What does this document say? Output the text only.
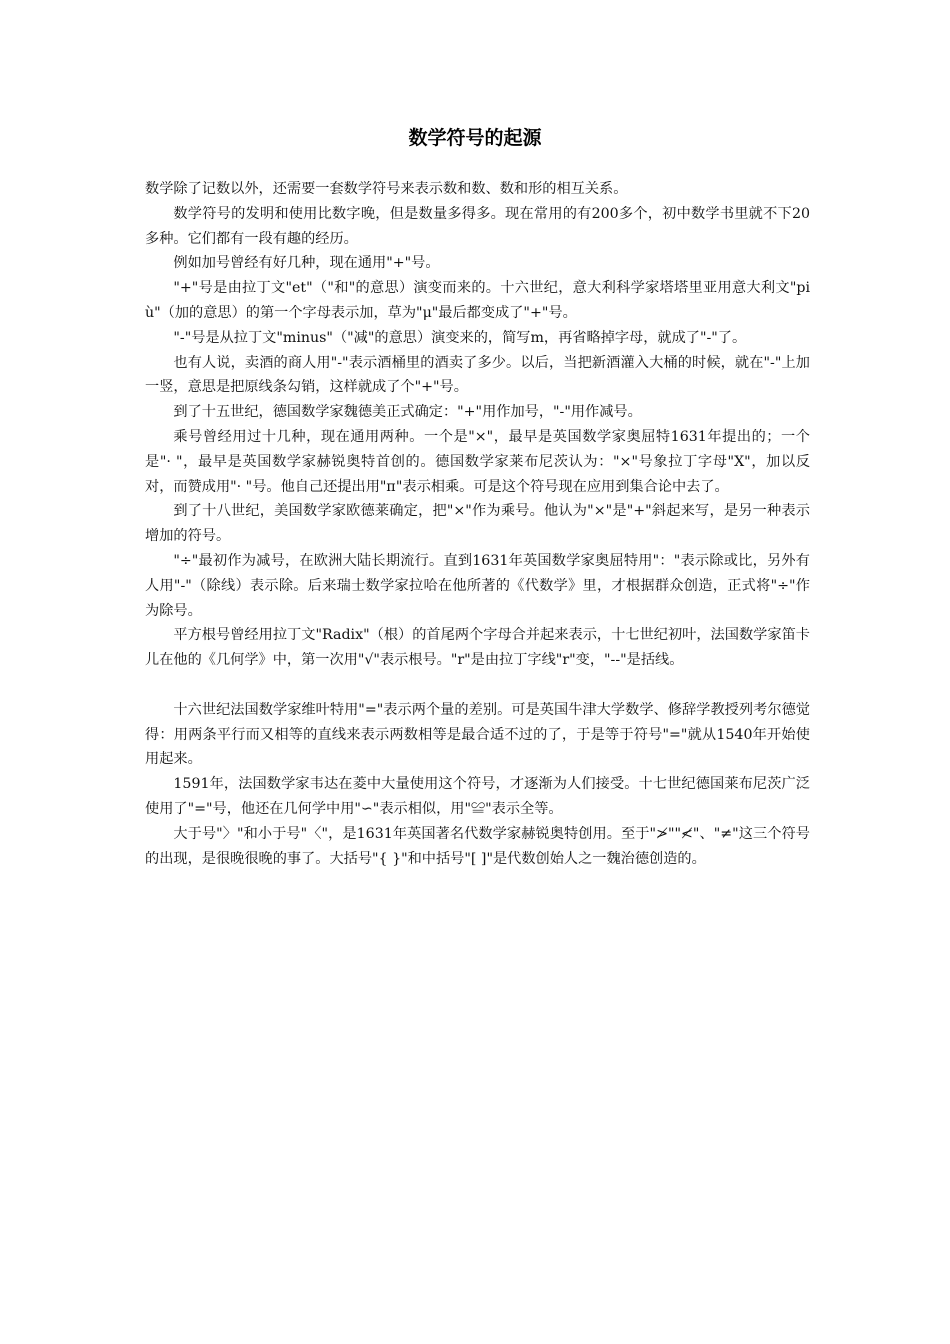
数学符号的起源

数学除了记数以外，还需要一套数学符号来表示数和数、数和形的相互关系。

数学符号的发明和使用比数字晚，但是数量多得多。现在常用的有200多个，初中数学书里就不下20多种。它们都有一段有趣的经历。

例如加号曾经有好几种，现在通用"+"号。

"+"号是由拉丁文"et"（"和"的意思）演变而来的。十六世纪，意大利科学家塔塔里亚用意大利文"più"（加的意思）的第一个字母表示加，草为"μ"最后都变成了"+"号。

"-"号是从拉丁文"minus"（"减"的意思）演变来的，简写m，再省略掉字母，就成了"-"了。

也有人说，卖酒的商人用"-"表示酒桶里的酒卖了多少。以后，当把新酒灌入大桶的时候，就在"-"上加一竖，意思是把原线条勾销，这样就成了个"+"号。

到了十五世纪，德国数学家魏德美正式确定："+"用作加号，"-"用作减号。

乘号曾经用过十几种，现在通用两种。一个是"×"，最早是英国数学家奥屈特1631年提出的；一个是"· "，最早是英国数学家赫锐奥特首创的。德国数学家莱布尼茨认为："×"号象拉丁字母"X"，加以反对，而赞成用"· "号。他自己还提出用"п"表示相乘。可是这个符号现在应用到集合论中去了。

到了十八世纪，美国数学家欧德莱确定，把"×"作为乘号。他认为"×"是"+"斜起来写，是另一种表示增加的符号。

"÷"最初作为减号，在欧洲大陆长期流行。直到1631年英国数学家奥屈特用"："表示除或比，另外有人用"-"（除线）表示除。后来瑞士数学家拉哈在他所著的《代数学》里，才根据群众创造，正式将"÷"作为除号。

平方根号曾经用拉丁文"Radix"（根）的首尾两个字母合并起来表示，十七世纪初叶，法国数学家笛卡儿在他的《几何学》中，第一次用"√"表示根号。"r"是由拉丁字线"r"变，"--"是括线。

十六世纪法国数学家维叶特用"="表示两个量的差别。可是英国牛津大学数学、修辞学教授列考尔德觉得：用两条平行而又相等的直线来表示两数相等是最合适不过的了，于是等于符号"="就从1540年开始使用起来。

1591年，法国数学家韦达在菱中大量使用这个符号，才逐渐为人们接受。十七世纪德国莱布尼茨广泛使用了"="号，他还在几何学中用"∽"表示相似，用"≌"表示全等。

大于号"〉"和小于号"〈"，是1631年英国著名代数学家赫锐奥特创用。至于"≯""≮"、"≠"这三个符号的出现，是很晚很晚的事了。大括号"{ }"和中括号"[ ]"是代数创始人之一魏治德创造的。
